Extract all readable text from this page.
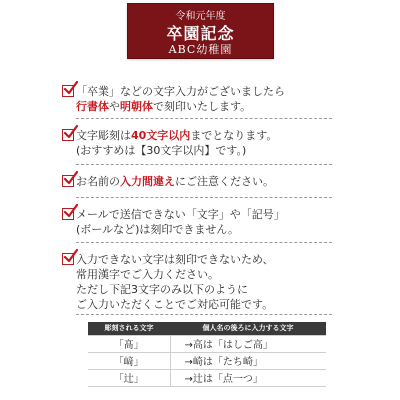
令和元年度
卒園記念
ABC幼稚園
「卒業」などの文字入力がございましたら
行書体や明朝体で刻印いたします。
文字彫刻は40文字以内までとなります。
(おすすめは【30文字以内】です。)
お名前の入力間違えにご注意ください。
メールで送信できない「文字」や「記号」
(ボールなど)は刻印できません。
入力できない文字は刻印できないため、
常用漢字でご入力ください。
ただし下記3文字のみ以下のように
ご入力いただくことでご対応可能です。
彫刻される文字	個人名の後ろに入力する文字
「髙」	→高は「はしご高」
「﨑」	→崎は「たち崎」
「辻」	→辻は「点一つ」
